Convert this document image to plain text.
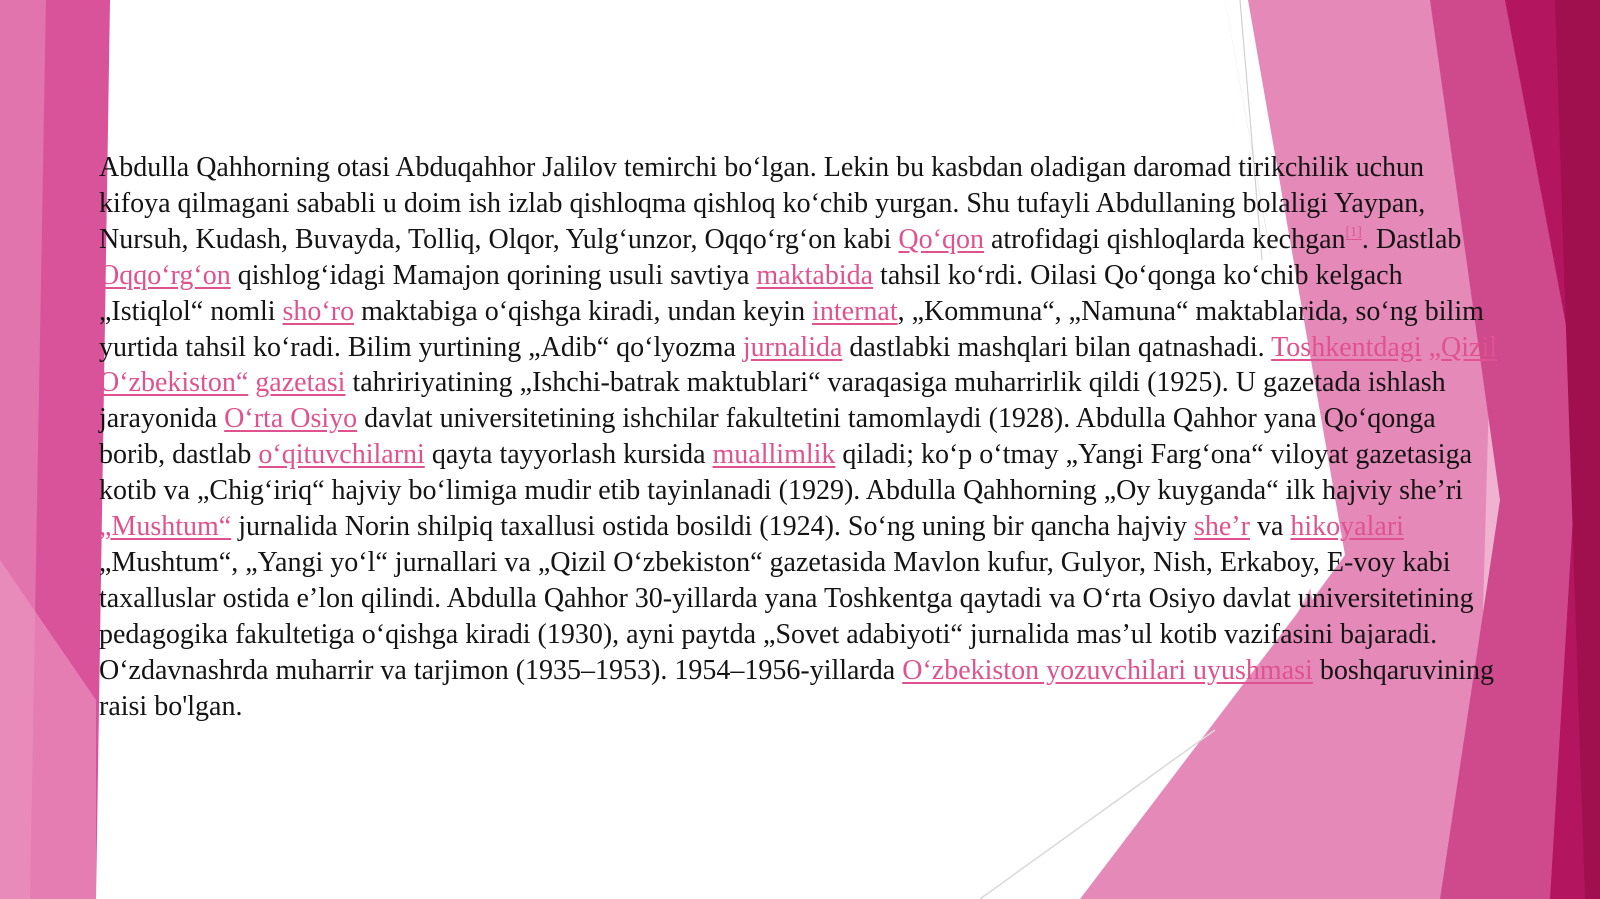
Abdulla Qahhorning otasi Abduqahhor Jalilov temirchi bo‘lgan. Lekin bu kasbdan oladigan daromad tirikchilik uchun kifoya qilmagani sababli u doim ish izlab qishloqma qishloq ko‘chib yurgan. Shu tufayli Abdullaning bolaligi Yaypan, Nursuh, Kudash, Buvayda, Tolliq, Olqor, Yulg‘unzor, Oqqo‘rg‘on kabi Qo‘qon atrofidagi qishloqlarda kechgan[1]. Dastlab Oqqo‘rg‘on qishlog‘idagi Mamajon qorining usuli savtiya maktabida tahsil ko‘rdi. Oilasi Qo‘qonga ko‘chib kelgach „Istiqlol“ nomli sho‘ro maktabiga o‘qishga kiradi, undan keyin internat, „Kommuna“, „Namuna“ maktablarida, so‘ng bilim yurtida tahsil ko‘radi. Bilim yurtining „Adib“ qo‘lyozma jurnalida dastlabki mashqlari bilan qatnashadi. Toshkentdagi „Qizil O‘zbekiston“ gazetasi tahririyatining „Ishchi-batrak maktublari“ varaqasiga muharrirlik qildi (1925). U gazetada ishlash jarayonida O‘rta Osiyo davlat universitetining ishchilar fakultetini tamomlaydi (1928). Abdulla Qahhor yana Qo‘qonga borib, dastlab o‘qituvchilarni qayta tayyorlash kursida muallimlik qiladi; ko‘p o‘tmay „Yangi Farg‘ona“ viloyat gazetasiga kotib va „Chig‘iriq“ hajviy bo‘limiga mudir etib tayinlanadi (1929). Abdulla Qahhorning „Oy kuyganda“ ilk hajviy she’ri „Mushtum“ jurnalida Norin shilpiq taxallusi ostida bosildi (1924). So‘ng uning bir qancha hajviy she’r va hikoyalari „Mushtum“, „Yangi yo‘l“ jurnallari va „Qizil O‘zbekiston“ gazetasida Mavlon kufur, Gulyor, Nish, Erkaboy, E-voy kabi taxalluslar ostida e’lon qilindi. Abdulla Qahhor 30-yillarda yana Toshkentga qaytadi va O‘rta Osiyo davlat universitetining pedagogika fakultetiga o‘qishga kiradi (1930), ayni paytda „Sovet adabiyoti“ jurnalida mas’ul kotib vazifasini bajaradi. O‘zdavnashrda muharrir va tarjimon (1935–1953). 1954–1956-yillarda O‘zbekiston yozuvchilari uyushmasi boshqaruvining raisi bo'lgan.
